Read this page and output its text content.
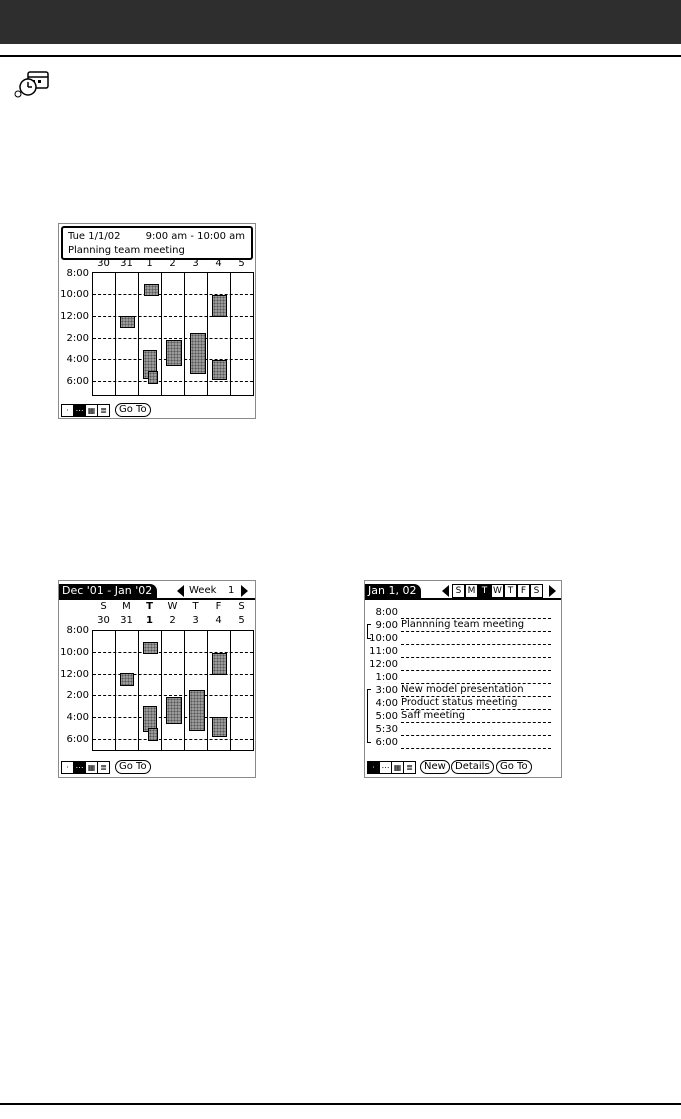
Tue 1/1/02	9:00 am - 10:00 am
Planning team meeting
30	31	1	2	3	4	5
8:00
10:00
12:00
2:00
4:00
6:00
· ⋯ ▦ ≣	Go To
Dec '01 - Jan '02	Week 1
S	M	T	W	T	F	S
30	31	1	2	3	4	5
8:00
10:00
12:00
2:00
4:00
6:00
· ⋯ ▦ ≣	Go To
Jan 1, 02	S M T W T F S
8:00
9:00 Plannning team meeting
10:00
11:00
12:00
1:00
3:00 New model presentation
4:00 Product status meeting
5:00 Saff meeting
5:30
6:00
· ⋯ ▦ ≣	New Details	Go To
